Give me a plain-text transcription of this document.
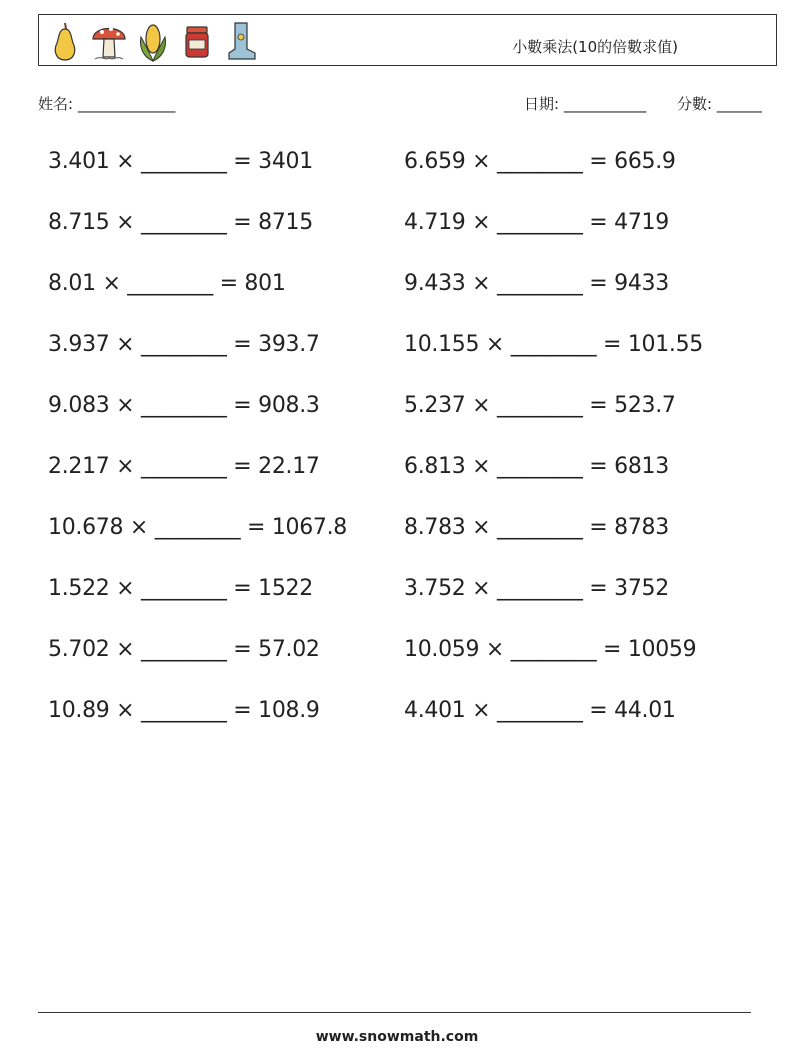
小數乘法(10的倍數求值)
姓名: _____________	日期: ___________ 分數: ______
3.401 × ________ = 3401	6.659 × ________ = 665.9
8.715 × ________ = 8715	4.719 × ________ = 4719
8.01 × ________ = 801	9.433 × ________ = 9433
3.937 × ________ = 393.7	10.155 × ________ = 101.55
9.083 × ________ = 908.3	5.237 × ________ = 523.7
2.217 × ________ = 22.17	6.813 × ________ = 6813
10.678 × ________ = 1067.8	8.783 × ________ = 8783
1.522 × ________ = 1522	3.752 × ________ = 3752
5.702 × ________ = 57.02	10.059 × ________ = 10059
10.89 × ________ = 108.9	4.401 × ________ = 44.01
www.snowmath.com
